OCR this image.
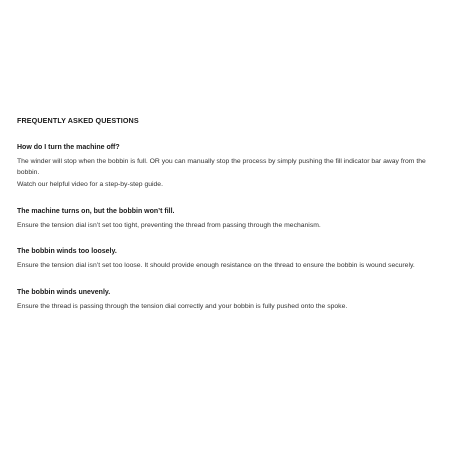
FREQUENTLY ASKED QUESTIONS

How do I turn the machine off?

The winder will stop when the bobbin is full. OR you can manually stop the process by simply pushing the fill indicator bar away from the bobbin.

Watch our helpful video for a step-by-step guide.

The machine turns on, but the bobbin won’t fill.

Ensure the tension dial isn’t set too tight, preventing the thread from passing through the mechanism.

The bobbin winds too loosely.

Ensure the tension dial isn’t set too loose. It should provide enough resistance on the thread to ensure the bobbin is wound securely.

The bobbin winds unevenly.

Ensure the thread is passing through the tension dial correctly and your bobbin is fully pushed onto the spoke.
